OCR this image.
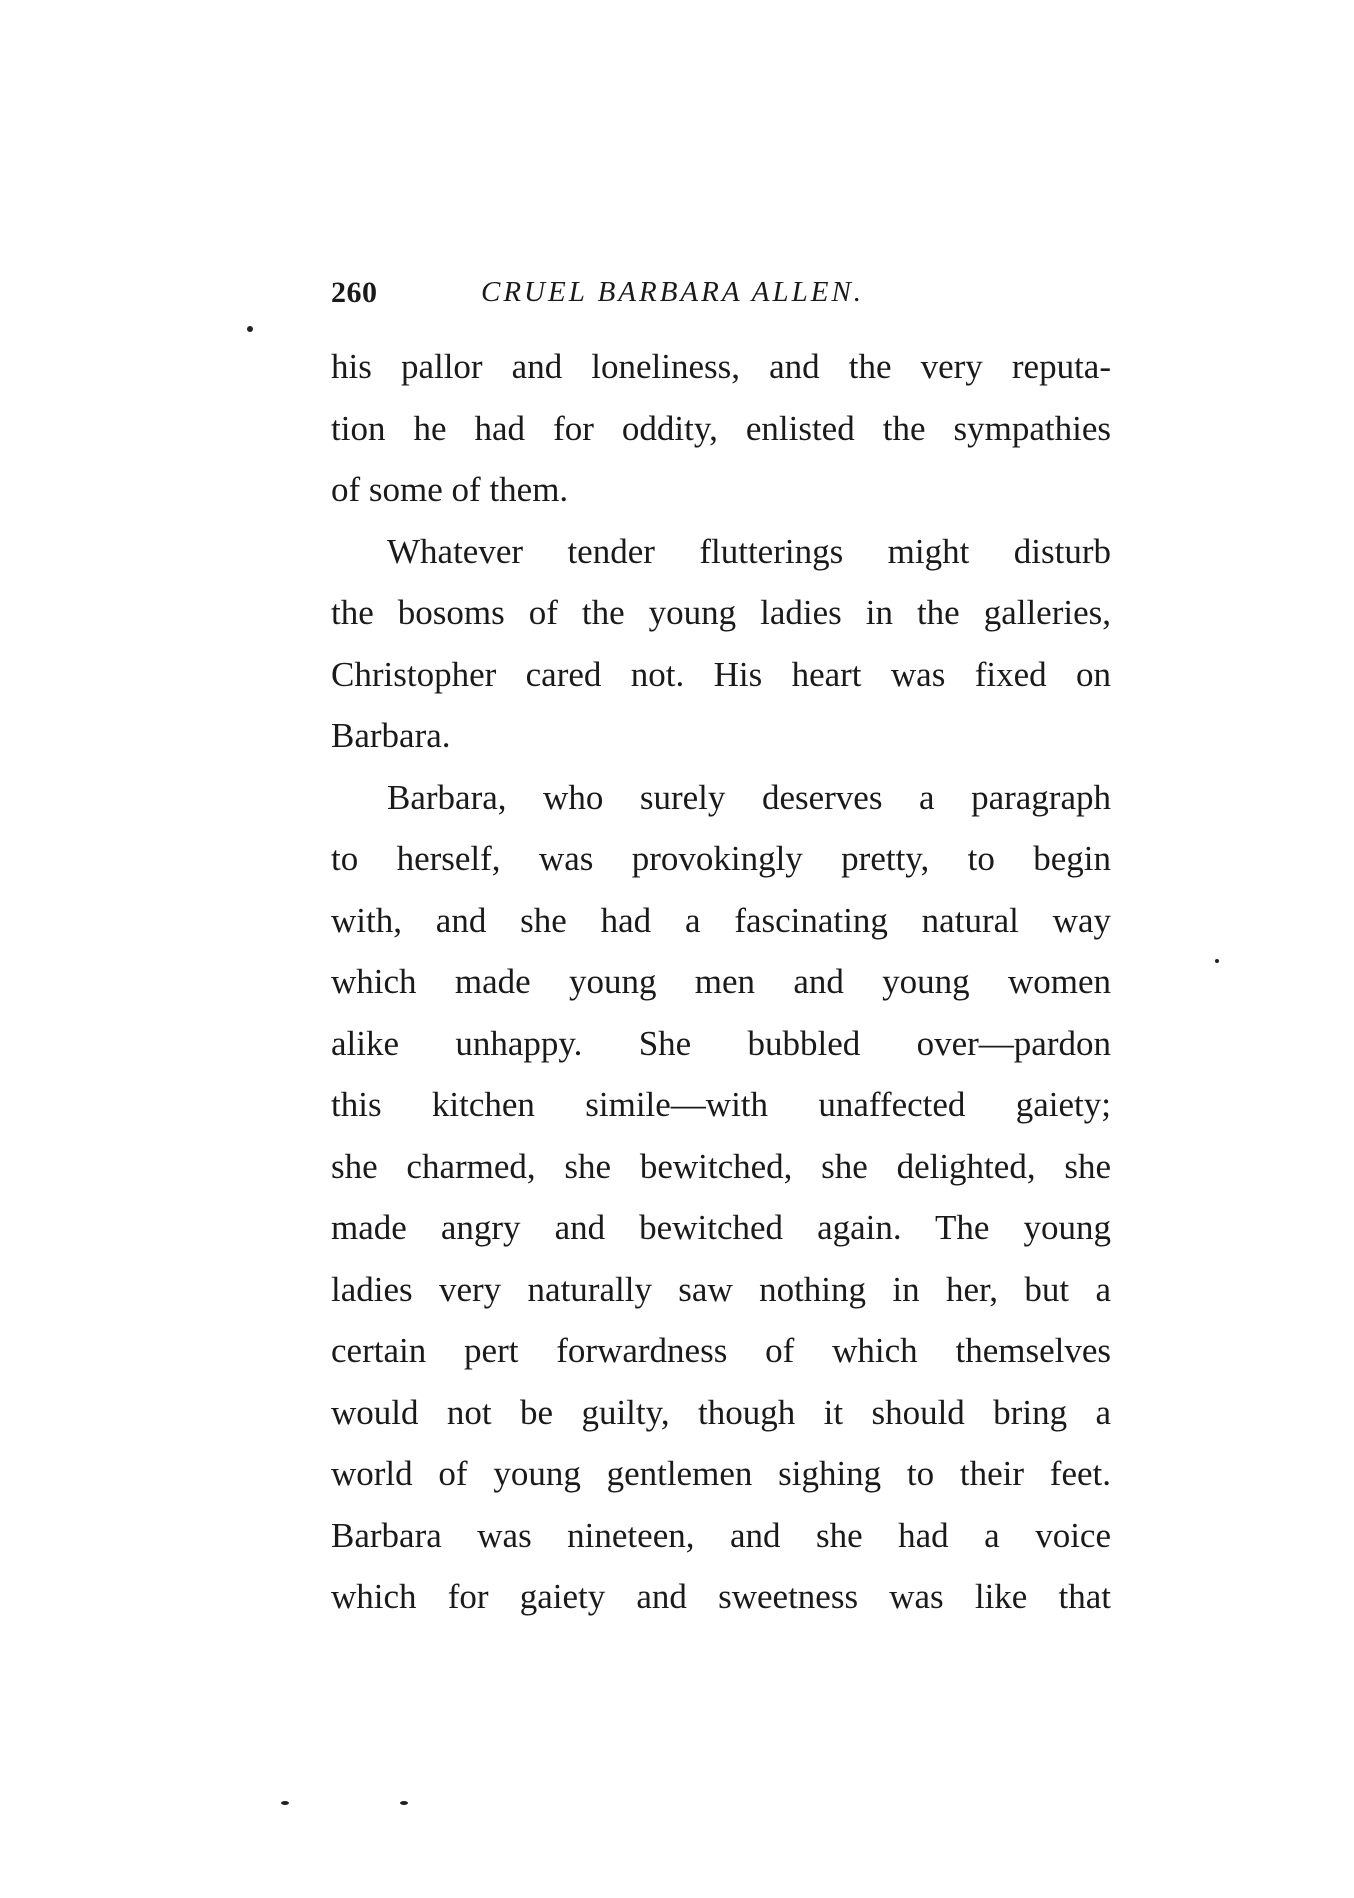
260	CRUEL BARBARA ALLEN.
his pallor and loneliness, and the very reputa-
tion he had for oddity, enlisted the sympathies
of some of them.
Whatever tender flutterings might disturb
the bosoms of the young ladies in the galleries,
Christopher cared not. His heart was fixed on
Barbara.
Barbara, who surely deserves a paragraph
to herself, was provokingly pretty, to begin
with, and she had a fascinating natural way
which made young men and young women
alike unhappy. She bubbled over—pardon
this kitchen simile—with unaffected gaiety;
she charmed, she bewitched, she delighted, she
made angry and bewitched again. The young
ladies very naturally saw nothing in her, but a
certain pert forwardness of which themselves
would not be guilty, though it should bring a
world of young gentlemen sighing to their feet.
Barbara was nineteen, and she had a voice
which for gaiety and sweetness was like that
